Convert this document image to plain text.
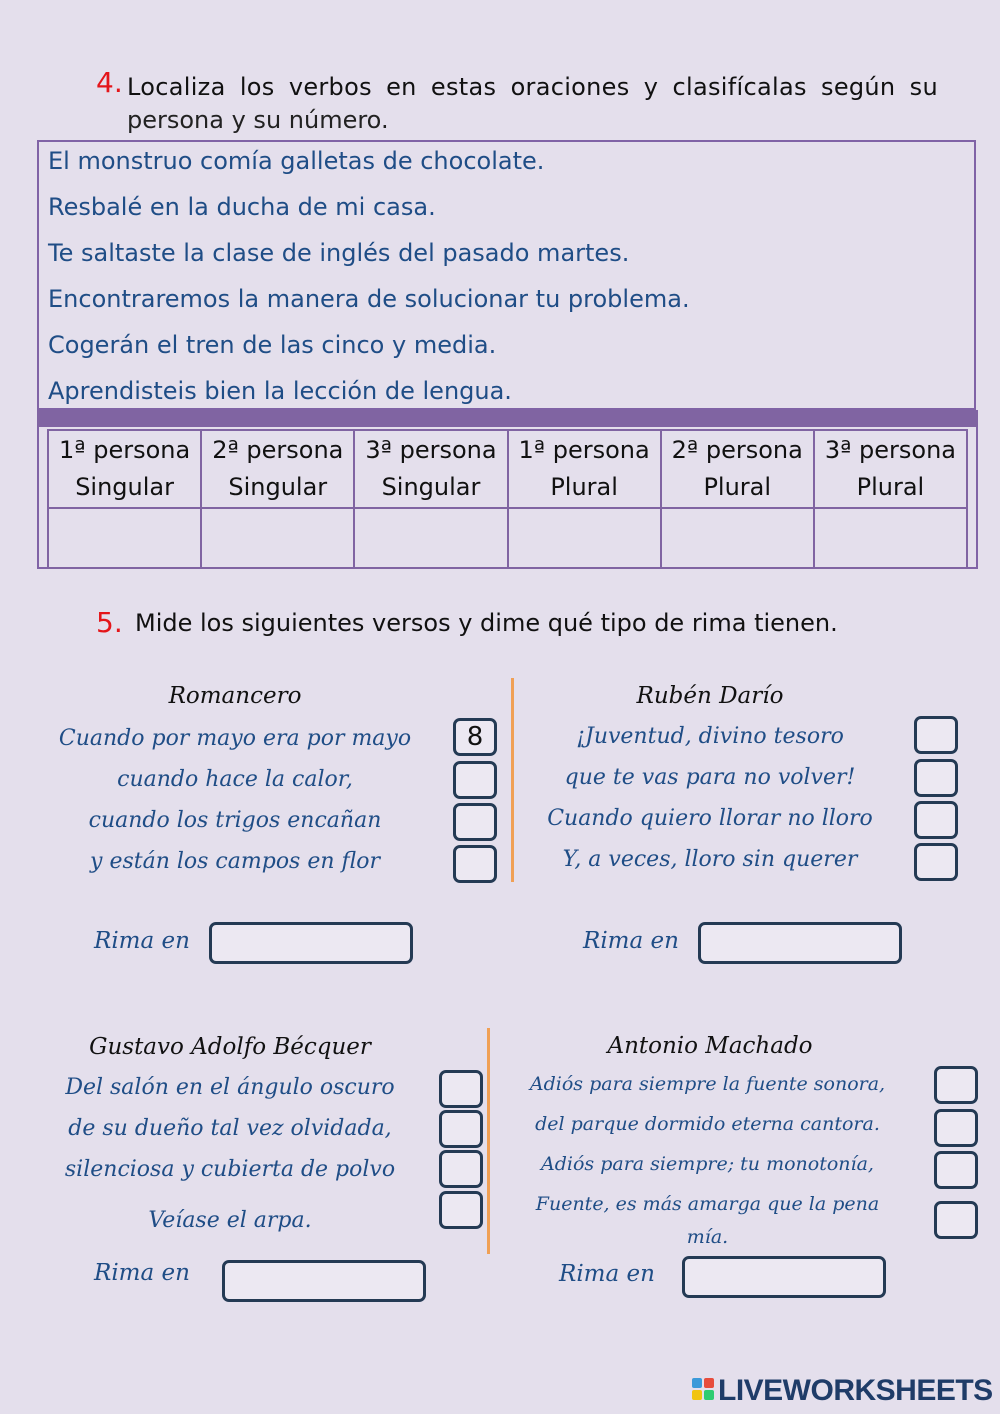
4. Localiza los verbos en estas oraciones y clasifícalas según su
persona y su número.
El monstruo comía galletas de chocolate.
Resbalé en la ducha de mi casa.
Te saltaste la clase de inglés del pasado martes.
Encontraremos la manera de solucionar tu problema.
Cogerán el tren de las cinco y media.
Aprendisteis bien la lección de lengua.
1ª persona
Singular	2ª persona
Singular	3ª persona
Singular	1ª persona
Plural	2ª persona
Plural	3ª persona
Plural

5. Mide los siguientes versos y dime qué tipo de rima tienen.
Romancero
Cuando por mayo era por mayo
cuando hace la calor,
cuando los trigos encañan
y están los campos en flor
8
Rima en
Rubén Darío
¡Juventud, divino tesoro
que te vas para no volver!
Cuando quiero llorar no lloro
Y, a veces, lloro sin querer
Rima en
Gustavo Adolfo Bécquer
Del salón en el ángulo oscuro
de su dueño tal vez olvidada,
silenciosa y cubierta de polvo
Veíase el arpa.
Rima en
Antonio Machado
Adiós para siempre la fuente sonora,
del parque dormido eterna cantora.
Adiós para siempre; tu monotonía,
Fuente, es más amarga que la pena
mía.
Rima en
LIVEWORKSHEETS
